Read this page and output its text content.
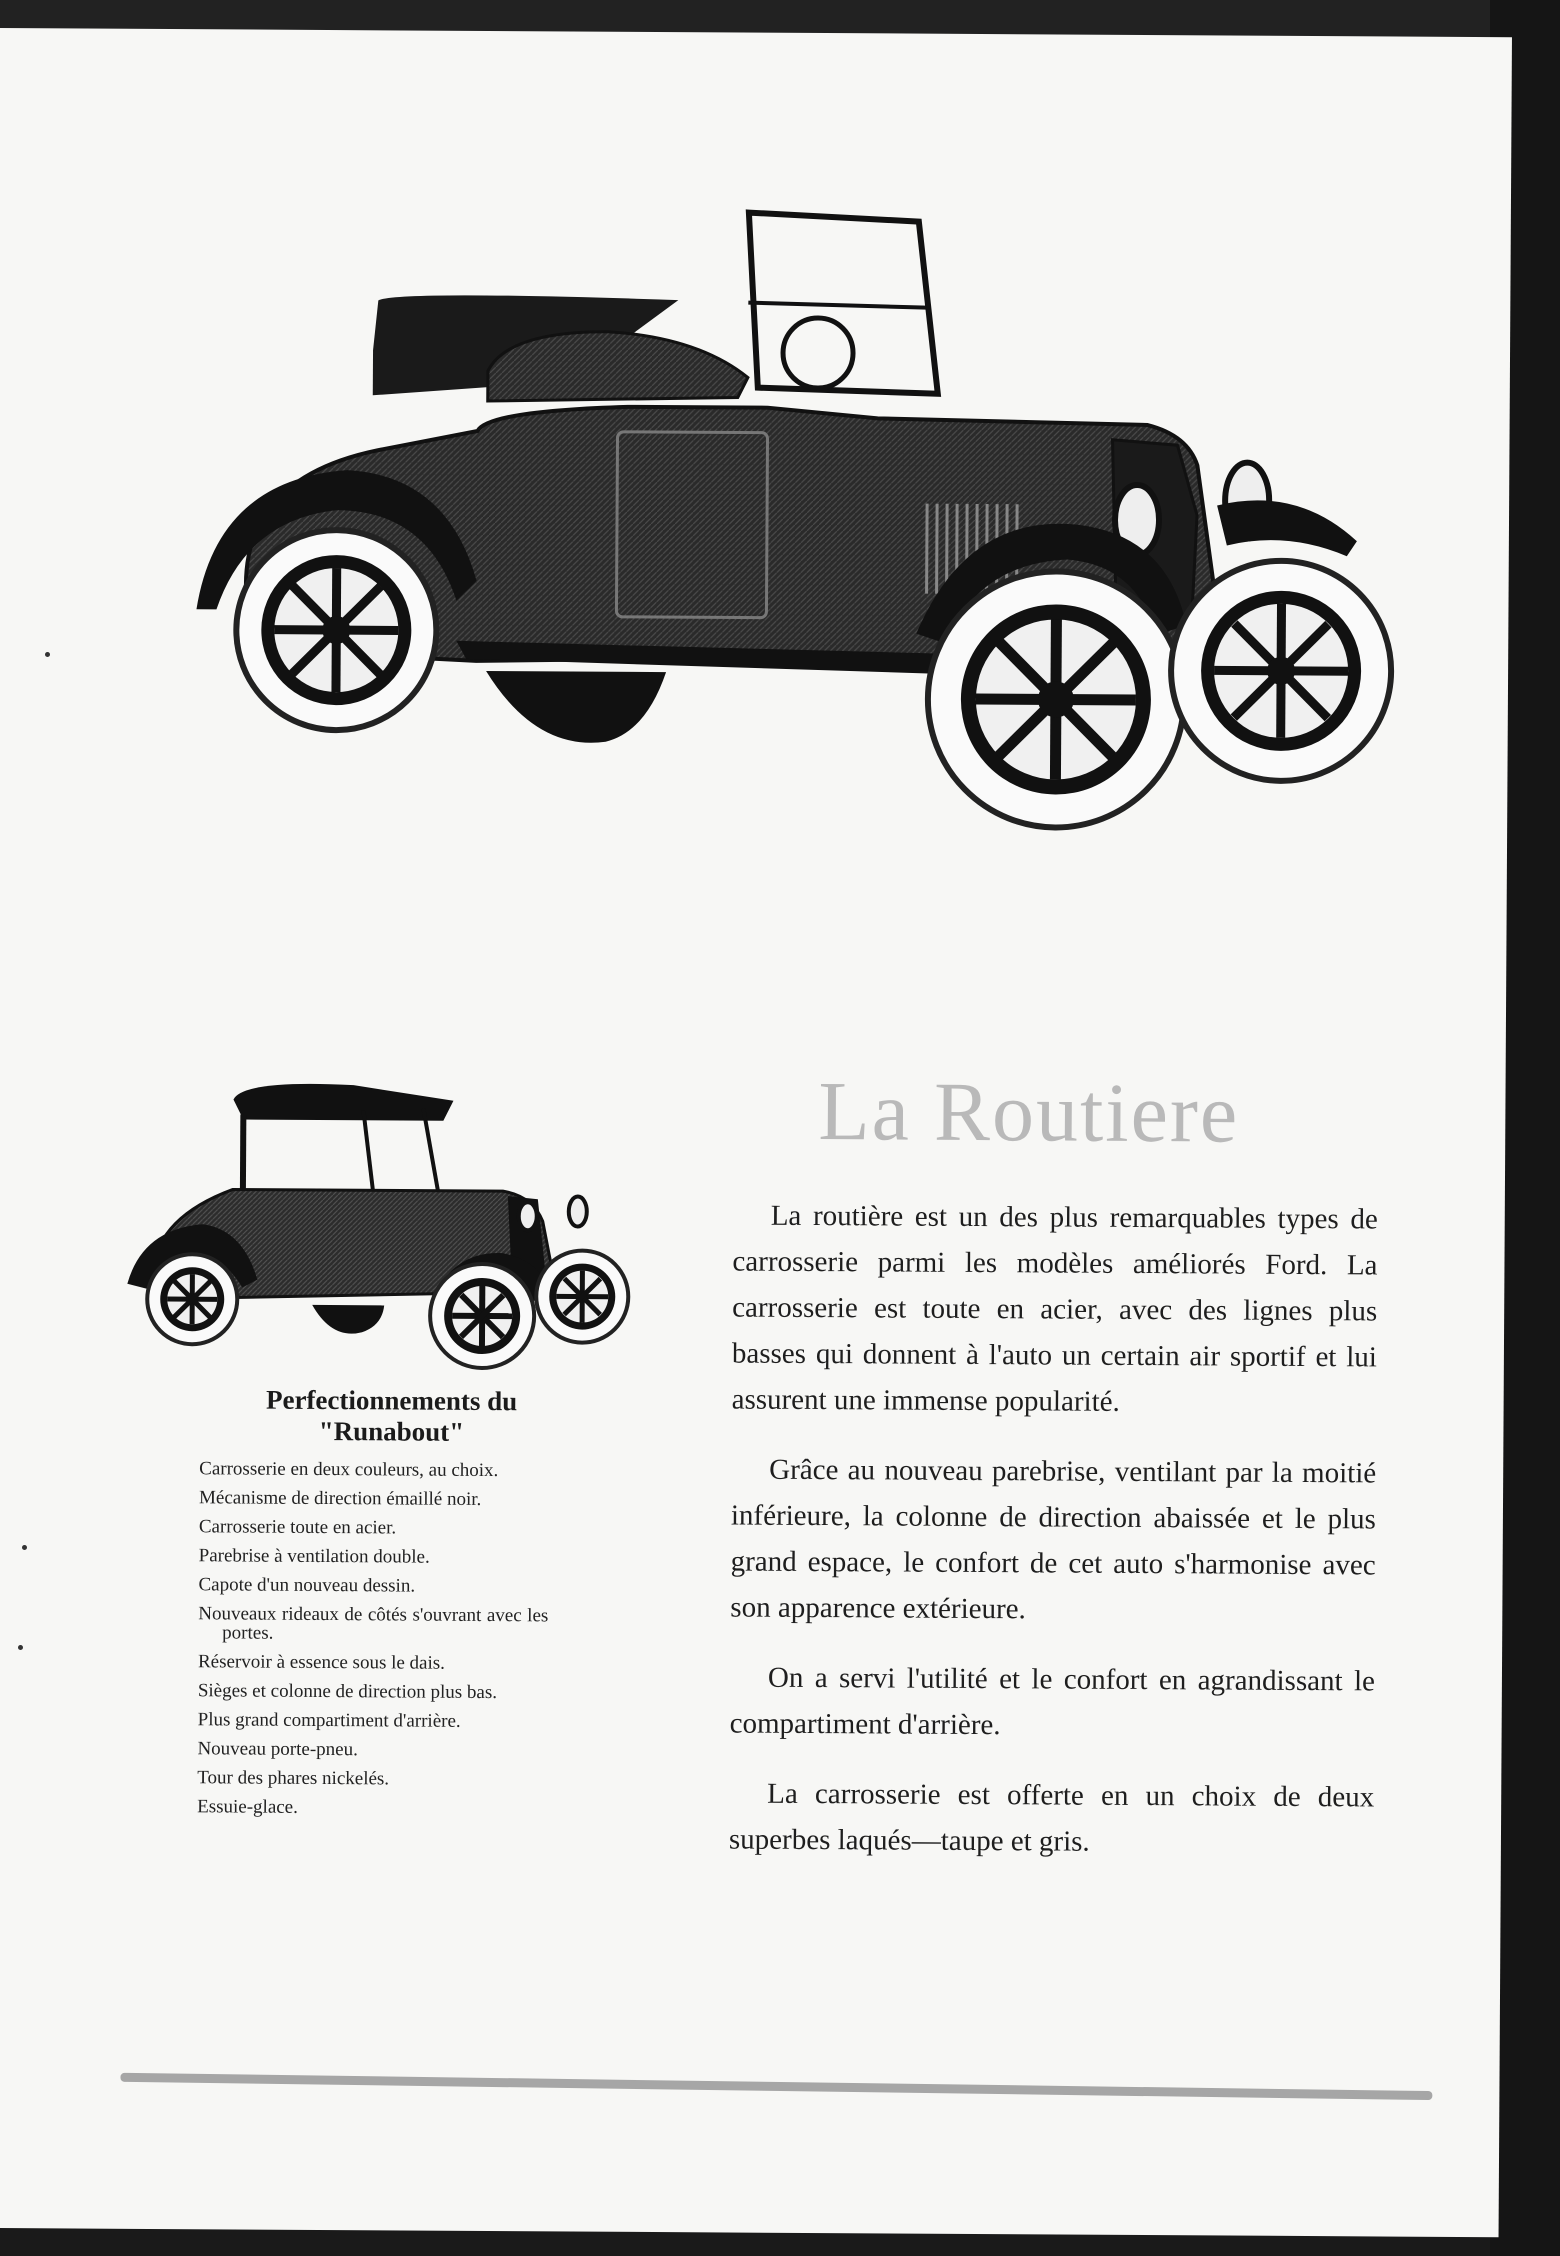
Perfectionnements du "Runabout"
Carrosserie en deux couleurs, au choix.
Mécanisme de direction émaillé noir.
Carrosserie toute en acier.
Parebrise à ventilation double.
Capote d'un nouveau dessin.
Nouveaux rideaux de côtés s'ouvrant avec les portes.
Réservoir à essence sous le dais.
Sièges et colonne de direction plus bas.
Plus grand compartiment d'arrière.
Nouveau porte-pneu.
Tour des phares nickelés.
Essuie-glace.
La Routiere

La routière est un des plus remarquables types de carrosserie parmi les modèles améliorés Ford. La carrosserie est toute en acier, avec des lignes plus basses qui donnent à l'auto un certain air sportif et lui assurent une immense popularité.

Grâce au nouveau parebrise, ventilant par la moitié inférieure, la colonne de direction abaissée et le plus grand espace, le confort de cet auto s'harmonise avec son apparence extérieure.

On a servi l'utilité et le confort en agrandissant le compartiment d'arrière.

La carrosserie est offerte en un choix de deux superbes laqués—taupe et gris.
